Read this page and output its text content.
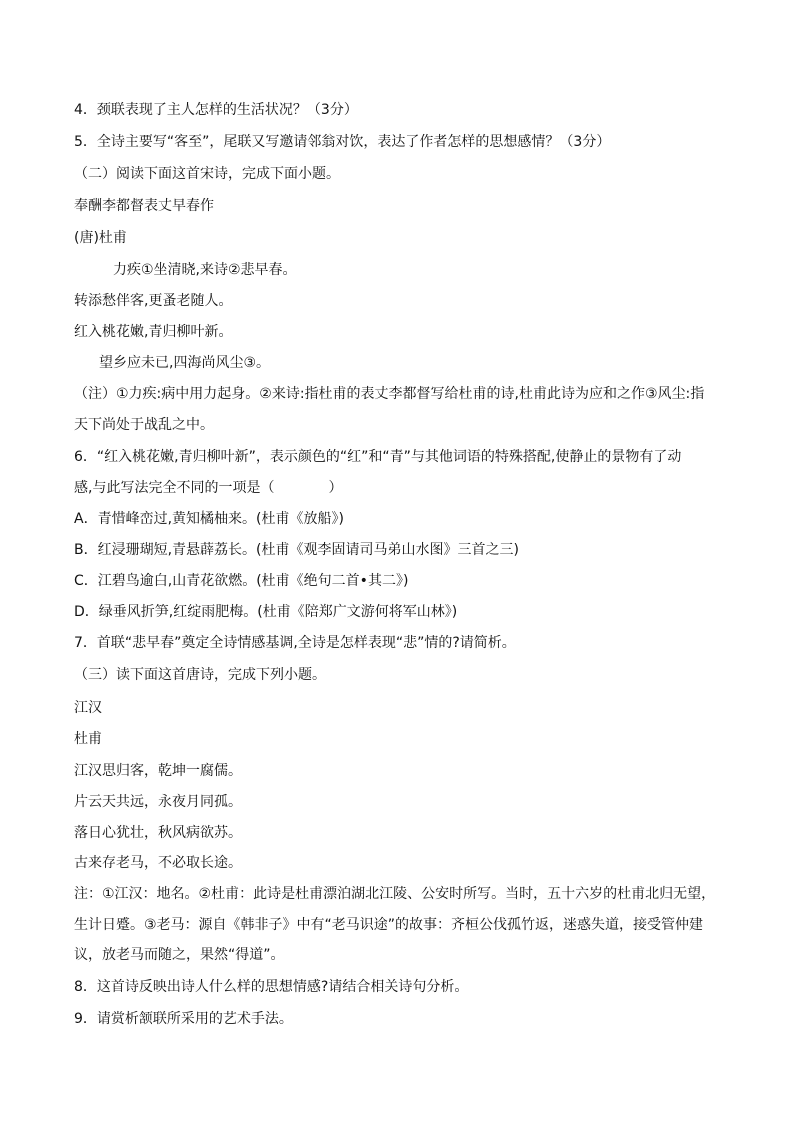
4．颈联表现了主人怎样的生活状况？（3分）
5．全诗主要写“客至”，尾联又写邀请邻翁对饮，表达了作者怎样的思想感情？（3分）
（二）阅读下面这首宋诗，完成下面小题。
奉酬李都督表丈早春作
(唐)杜甫
力疾①坐清晓,来诗②悲早春。
转添愁伴客,更蚤老随人。
红入桃花嫩,青归柳叶新。
望乡应未已,四海尚风尘③。
（注）①力疾:病中用力起身。②来诗:指杜甫的表丈李都督写给杜甫的诗,杜甫此诗为应和之作③风尘:指
天下尚处于战乱之中。
6．“红入桃花嫩,青归柳叶新”，表示颜色的“红”和“青”与其他词语的特殊搭配,使静止的景物有了动
感,与此写法完全不同的一项是（	）
A．青惜峰峦过,黄知橘柚来。(杜甫《放船》)
B．红浸珊瑚短,青悬薜荔长。(杜甫《观李固请司马弟山水图》三首之三)
C．江碧鸟逾白,山青花欲燃。(杜甫《绝句二首•其二》)
D．绿垂风折笋,红绽雨肥梅。(杜甫《陪郑广文游何将军山林》)
7．首联“悲早春”奠定全诗情感基调,全诗是怎样表现“悲”情的?请简析。
（三）读下面这首唐诗，完成下列小题。
江汉
杜甫
江汉思归客，乾坤一腐儒。
片云天共远，永夜月同孤。
落日心犹壮，秋风病欲苏。
古来存老马，不必取长途。
注：①江汉：地名。②杜甫：此诗是杜甫漂泊湖北江陵、公安时所写。当时，五十六岁的杜甫北归无望，
生计日蹙。③老马：源自《韩非子》中有“老马识途”的故事：齐桓公伐孤竹返，迷惑失道，接受管仲建
议，放老马而随之，果然“得道”。
8．这首诗反映出诗人什么样的思想情感?请结合相关诗句分析。
9．请赏析颔联所采用的艺术手法。
